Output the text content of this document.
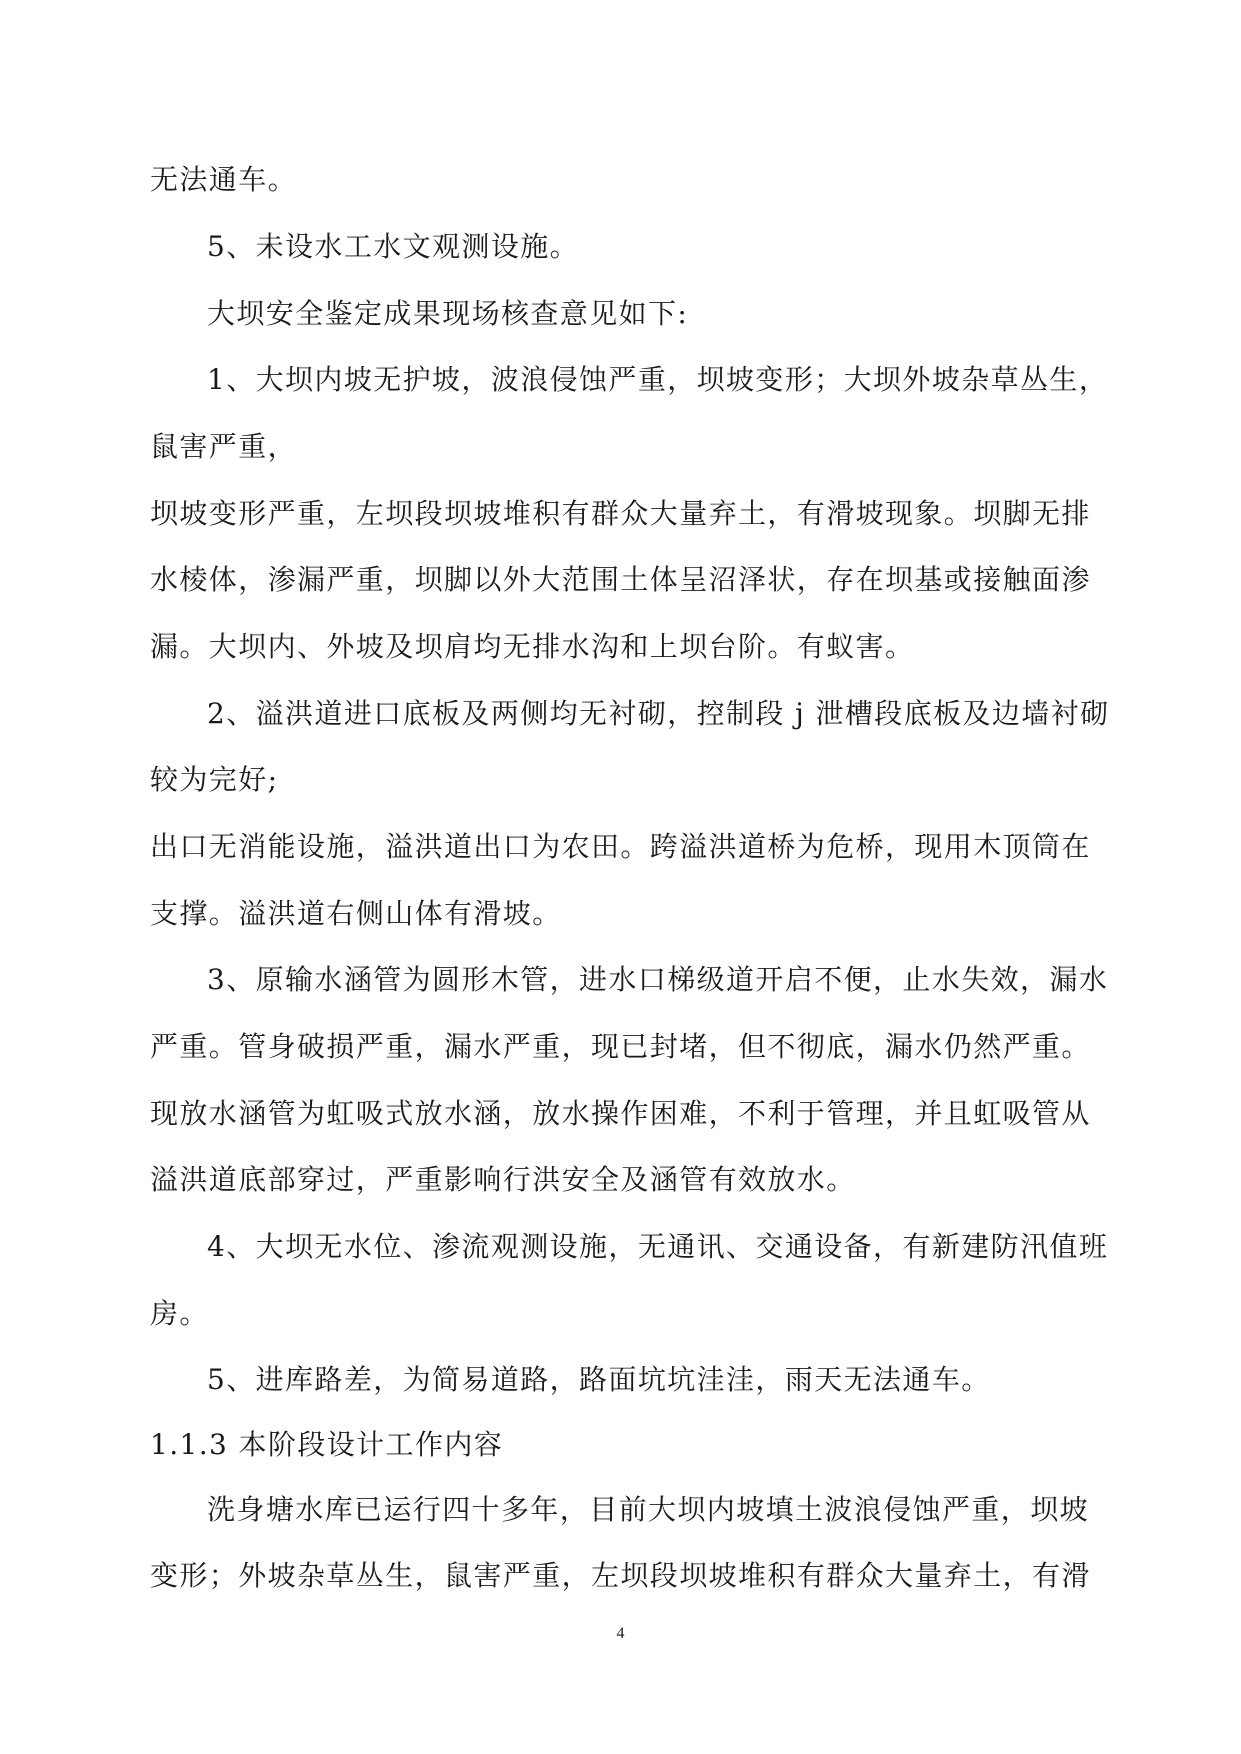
无法通车。
5、未设水工水文观测设施。
大坝安全鉴定成果现场核查意见如下:
1、大坝内坡无护坡，波浪侵蚀严重，坝坡变形；大坝外坡杂草丛生，
鼠害严重，
坝坡变形严重，左坝段坝坡堆积有群众大量弃土，有滑坡现象。坝脚无排
水棱体，渗漏严重，坝脚以外大范围土体呈沼泽状，存在坝基或接触面渗
漏。大坝内、外坡及坝肩均无排水沟和上坝台阶。有蚁害。
2、溢洪道进口底板及两侧均无衬砌，控制段 j 泄槽段底板及边墙衬砌
较为完好;
出口无消能设施，溢洪道出口为农田。跨溢洪道桥为危桥，现用木顶筒在
支撑。溢洪道右侧山体有滑坡。
3、原输水涵管为圆形木管，进水口梯级道开启不便，止水失效，漏水
严重。管身破损严重，漏水严重，现已封堵，但不彻底，漏水仍然严重。
现放水涵管为虹吸式放水涵，放水操作困难，不利于管理，并且虹吸管从
溢洪道底部穿过，严重影响行洪安全及涵管有效放水。
4、大坝无水位、渗流观测设施，无通讯、交通设备，有新建防汛值班
房。
5、进库路差，为简易道路，路面坑坑洼洼，雨天无法通车。
1.1.3 本阶段设计工作内容
洗身塘水库已运行四十多年，目前大坝内坡填土波浪侵蚀严重，坝坡
变形；外坡杂草丛生，鼠害严重，左坝段坝坡堆积有群众大量弃土，有滑
4
